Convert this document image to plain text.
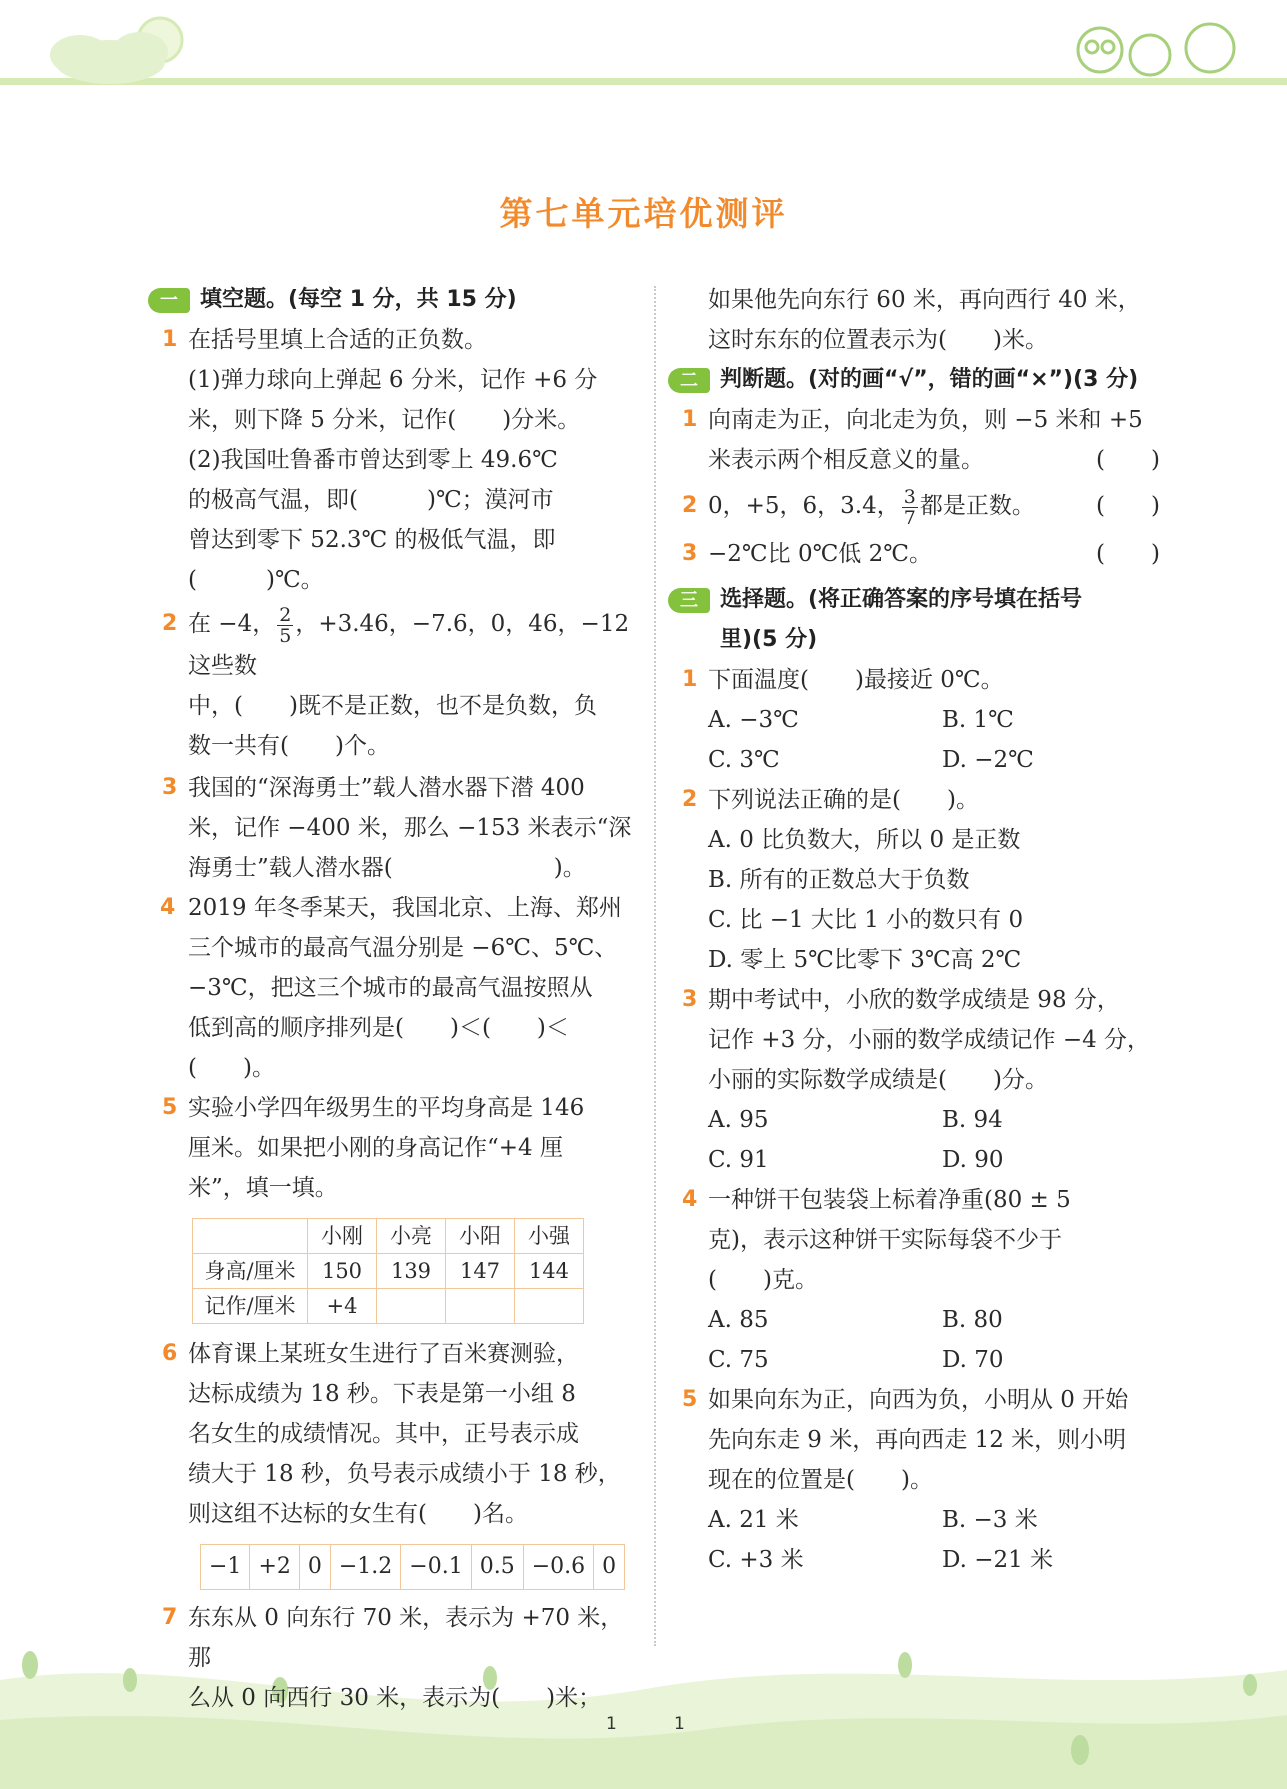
第七单元培优测评
一	填空题。(每空 1 分，共 15 分)
1 在括号里填上合适的正负数。

(1)弹力球向上弹起 6 分米，记作 +6 分

米，则下降 5 分米，记作(　　)分米。

(2)我国吐鲁番市曾达到零上 49.6℃

的极高气温，即(　　　)℃；漠河市

曾达到零下 52.3℃ 的极低气温，即

(　　　)℃。

2 在 −4， $\frac{2}{5}$ ，+3.46，−7.6，0，46，−12 这些数

中，(　　)既不是正数，也不是负数，负

数一共有(　　)个。

3 我国的“深海勇士”载人潜水器下潜 400

米，记作 −400 米，那么 −153 米表示“深

海勇士”载人潜水器(　　　　　　　)。

4 2019 年冬季某天，我国北京、上海、郑州

三个城市的最高气温分别是 −6℃、5℃、

−3℃，把这三个城市的最高气温按照从

低到高的顺序排列是(　　)＜(　　)＜

(　　)。

5 实验小学四年级男生的平均身高是 146

厘米。如果把小刚的身高记作“+4 厘

米”，填一填。

	小刚	小亮	小阳	小强
身高/厘米	150	139	147	144
记作/厘米	+4			
6 体育课上某班女生进行了百米赛测验，

达标成绩为 18 秒。下表是第一小组 8

名女生的成绩情况。其中，正号表示成

绩大于 18 秒，负号表示成绩小于 18 秒，

则这组不达标的女生有(　　)名。

−1	+2	0	−1.2	−0.1	0.5	−0.6	0
7 东东从 0 向东行 70 米，表示为 +70 米，那

么从 0 向西行 30 米，表示为(　　)米；

如果他先向东行 60 米，再向西行 40 米，

这时东东的位置表示为(　　)米。

二	判断题。(对的画“√”，错的画“×”)(3 分)
1 向南走为正，向北走为负，则 −5 米和 +5

米表示两个相反意义的量。	(　　)

2 0，+5，6，3.4， $\frac{3}{7}$ 都是正数。	(　　)

3 −2℃比 0℃低 2℃。	(　　)

三	选择题。(将正确答案的序号填在括号
里)(5 分)
1 下面温度(　　)最接近 0℃。

A. −3℃	B. 1℃
C. 3℃	D. −2℃
2 下列说法正确的是(　　)。

A. 0 比负数大，所以 0 是正数

B. 所有的正数总大于负数

C. 比 −1 大比 1 小的数只有 0

D. 零上 5℃比零下 3℃高 2℃

3 期中考试中，小欣的数学成绩是 98 分，

记作 +3 分，小丽的数学成绩记作 −4 分，

小丽的实际数学成绩是(　　)分。

A. 95	B. 94
C. 91	D. 90
4 一种饼干包装袋上标着净重(80 ± 5

克)，表示这种饼干实际每袋不少于

(　　)克。

A. 85	B. 80
C. 75	D. 70
5 如果向东为正，向西为负，小明从 0 开始

先向东走 9 米，再向西走 12 米，则小明

现在的位置是(　　)。

A. 21 米	B. −3 米
C. +3 米	D. −21 米
1	1
